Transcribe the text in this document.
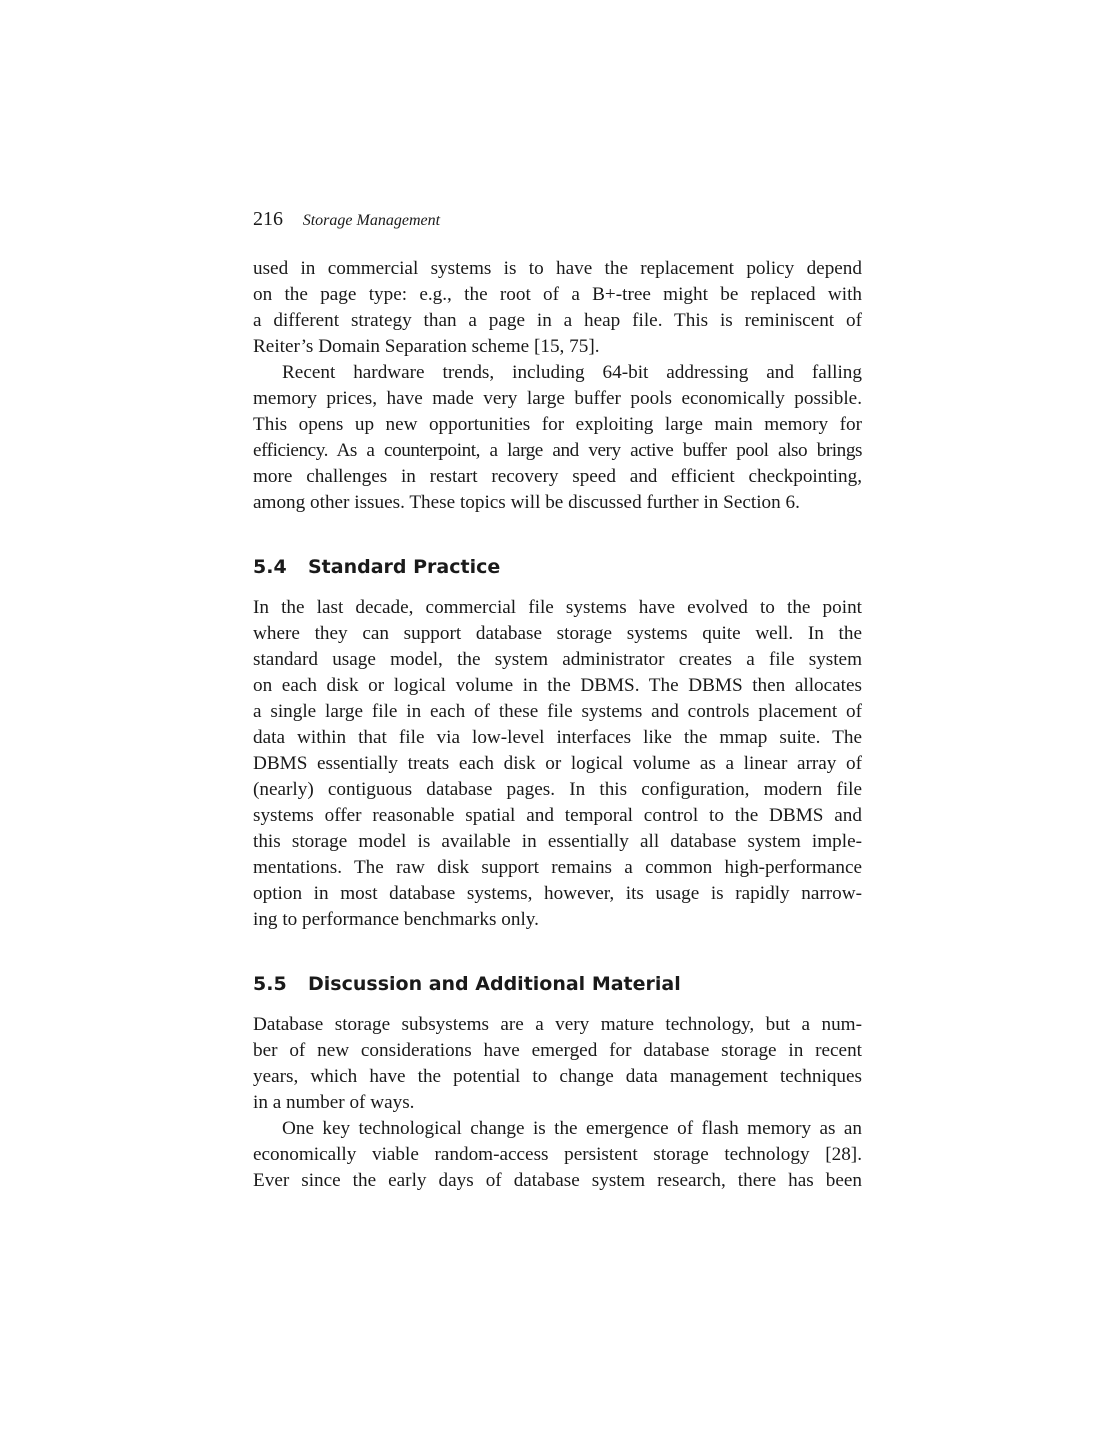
216 Storage Management

used in commercial systems is to have the replacement policy depend
on the page type: e.g., the root of a B+-tree might be replaced with
a different strategy than a page in a heap file. This is reminiscent of
Reiter’s Domain Separation scheme [15, 75].

Recent hardware trends, including 64-bit addressing and falling
memory prices, have made very large buffer pools economically possible.
This opens up new opportunities for exploiting large main memory for
efficiency. As a counterpoint, a large and very active buffer pool also brings
more challenges in restart recovery speed and efficient checkpointing,
among other issues. These topics will be discussed further in Section 6.

5.4 Standard Practice

In the last decade, commercial file systems have evolved to the point
where they can support database storage systems quite well. In the
standard usage model, the system administrator creates a file system
on each disk or logical volume in the DBMS. The DBMS then allocates
a single large file in each of these file systems and controls placement of
data within that file via low-level interfaces like the mmap suite. The
DBMS essentially treats each disk or logical volume as a linear array of
(nearly) contiguous database pages. In this configuration, modern file
systems offer reasonable spatial and temporal control to the DBMS and
this storage model is available in essentially all database system imple-
mentations. The raw disk support remains a common high-performance
option in most database systems, however, its usage is rapidly narrow-
ing to performance benchmarks only.

5.5 Discussion and Additional Material

Database storage subsystems are a very mature technology, but a num-
ber of new considerations have emerged for database storage in recent
years, which have the potential to change data management techniques
in a number of ways.

One key technological change is the emergence of flash memory as an
economically viable random-access persistent storage technology [28].
Ever since the early days of database system research, there has been
